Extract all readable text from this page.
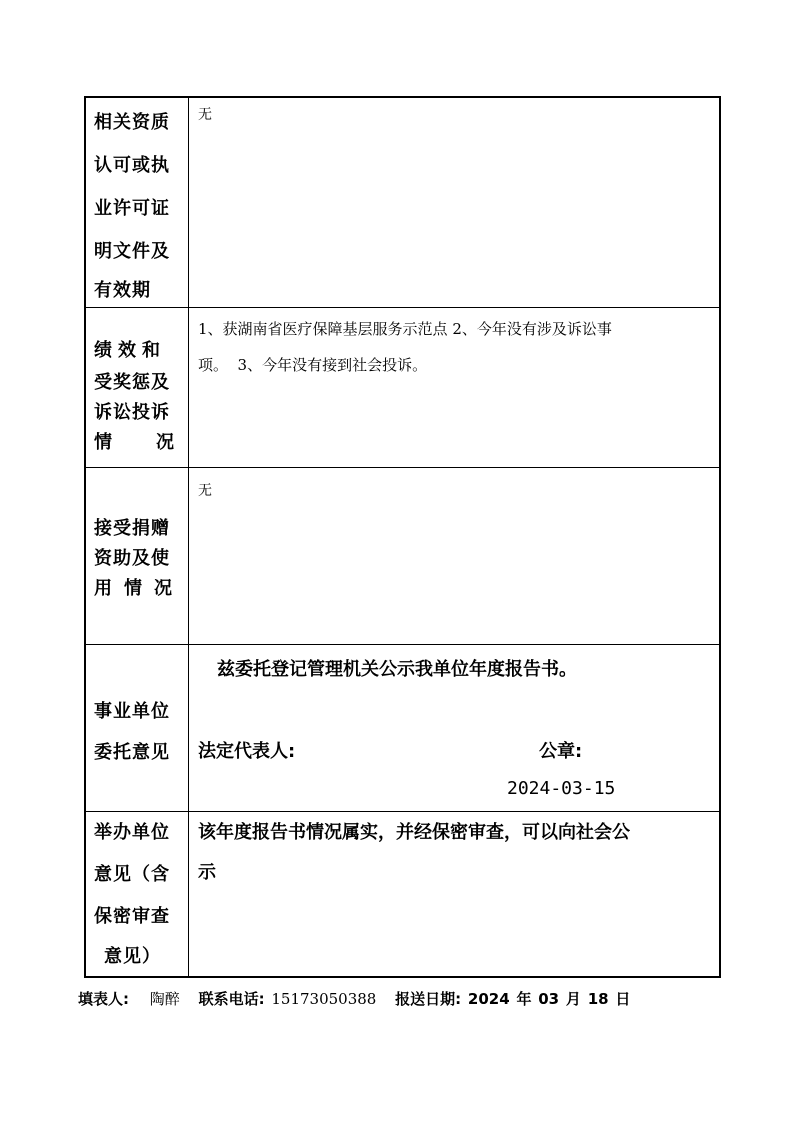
相关资质
认可或执
业许可证
明文件及
有效期
无
绩效和
受奖惩及
诉讼投诉
情况
1、获湖南省医疗保障基层服务示范点 2、今年没有涉及诉讼事
项。  3、今年没有接到社会投诉。
接受捐赠
资助及使
用情况
无
事业单位
委托意见
兹委托登记管理机关公示我单位年度报告书。
法定代表人:	公章:
2024-03-15
举办单位
意见（含
保密审查
意见）
该年度报告书情况属实，并经保密审查，可以向社会公
示
填表人: 陶醉 联系电话: 15173050388 报送日期: 2024 年 03 月 18 日
